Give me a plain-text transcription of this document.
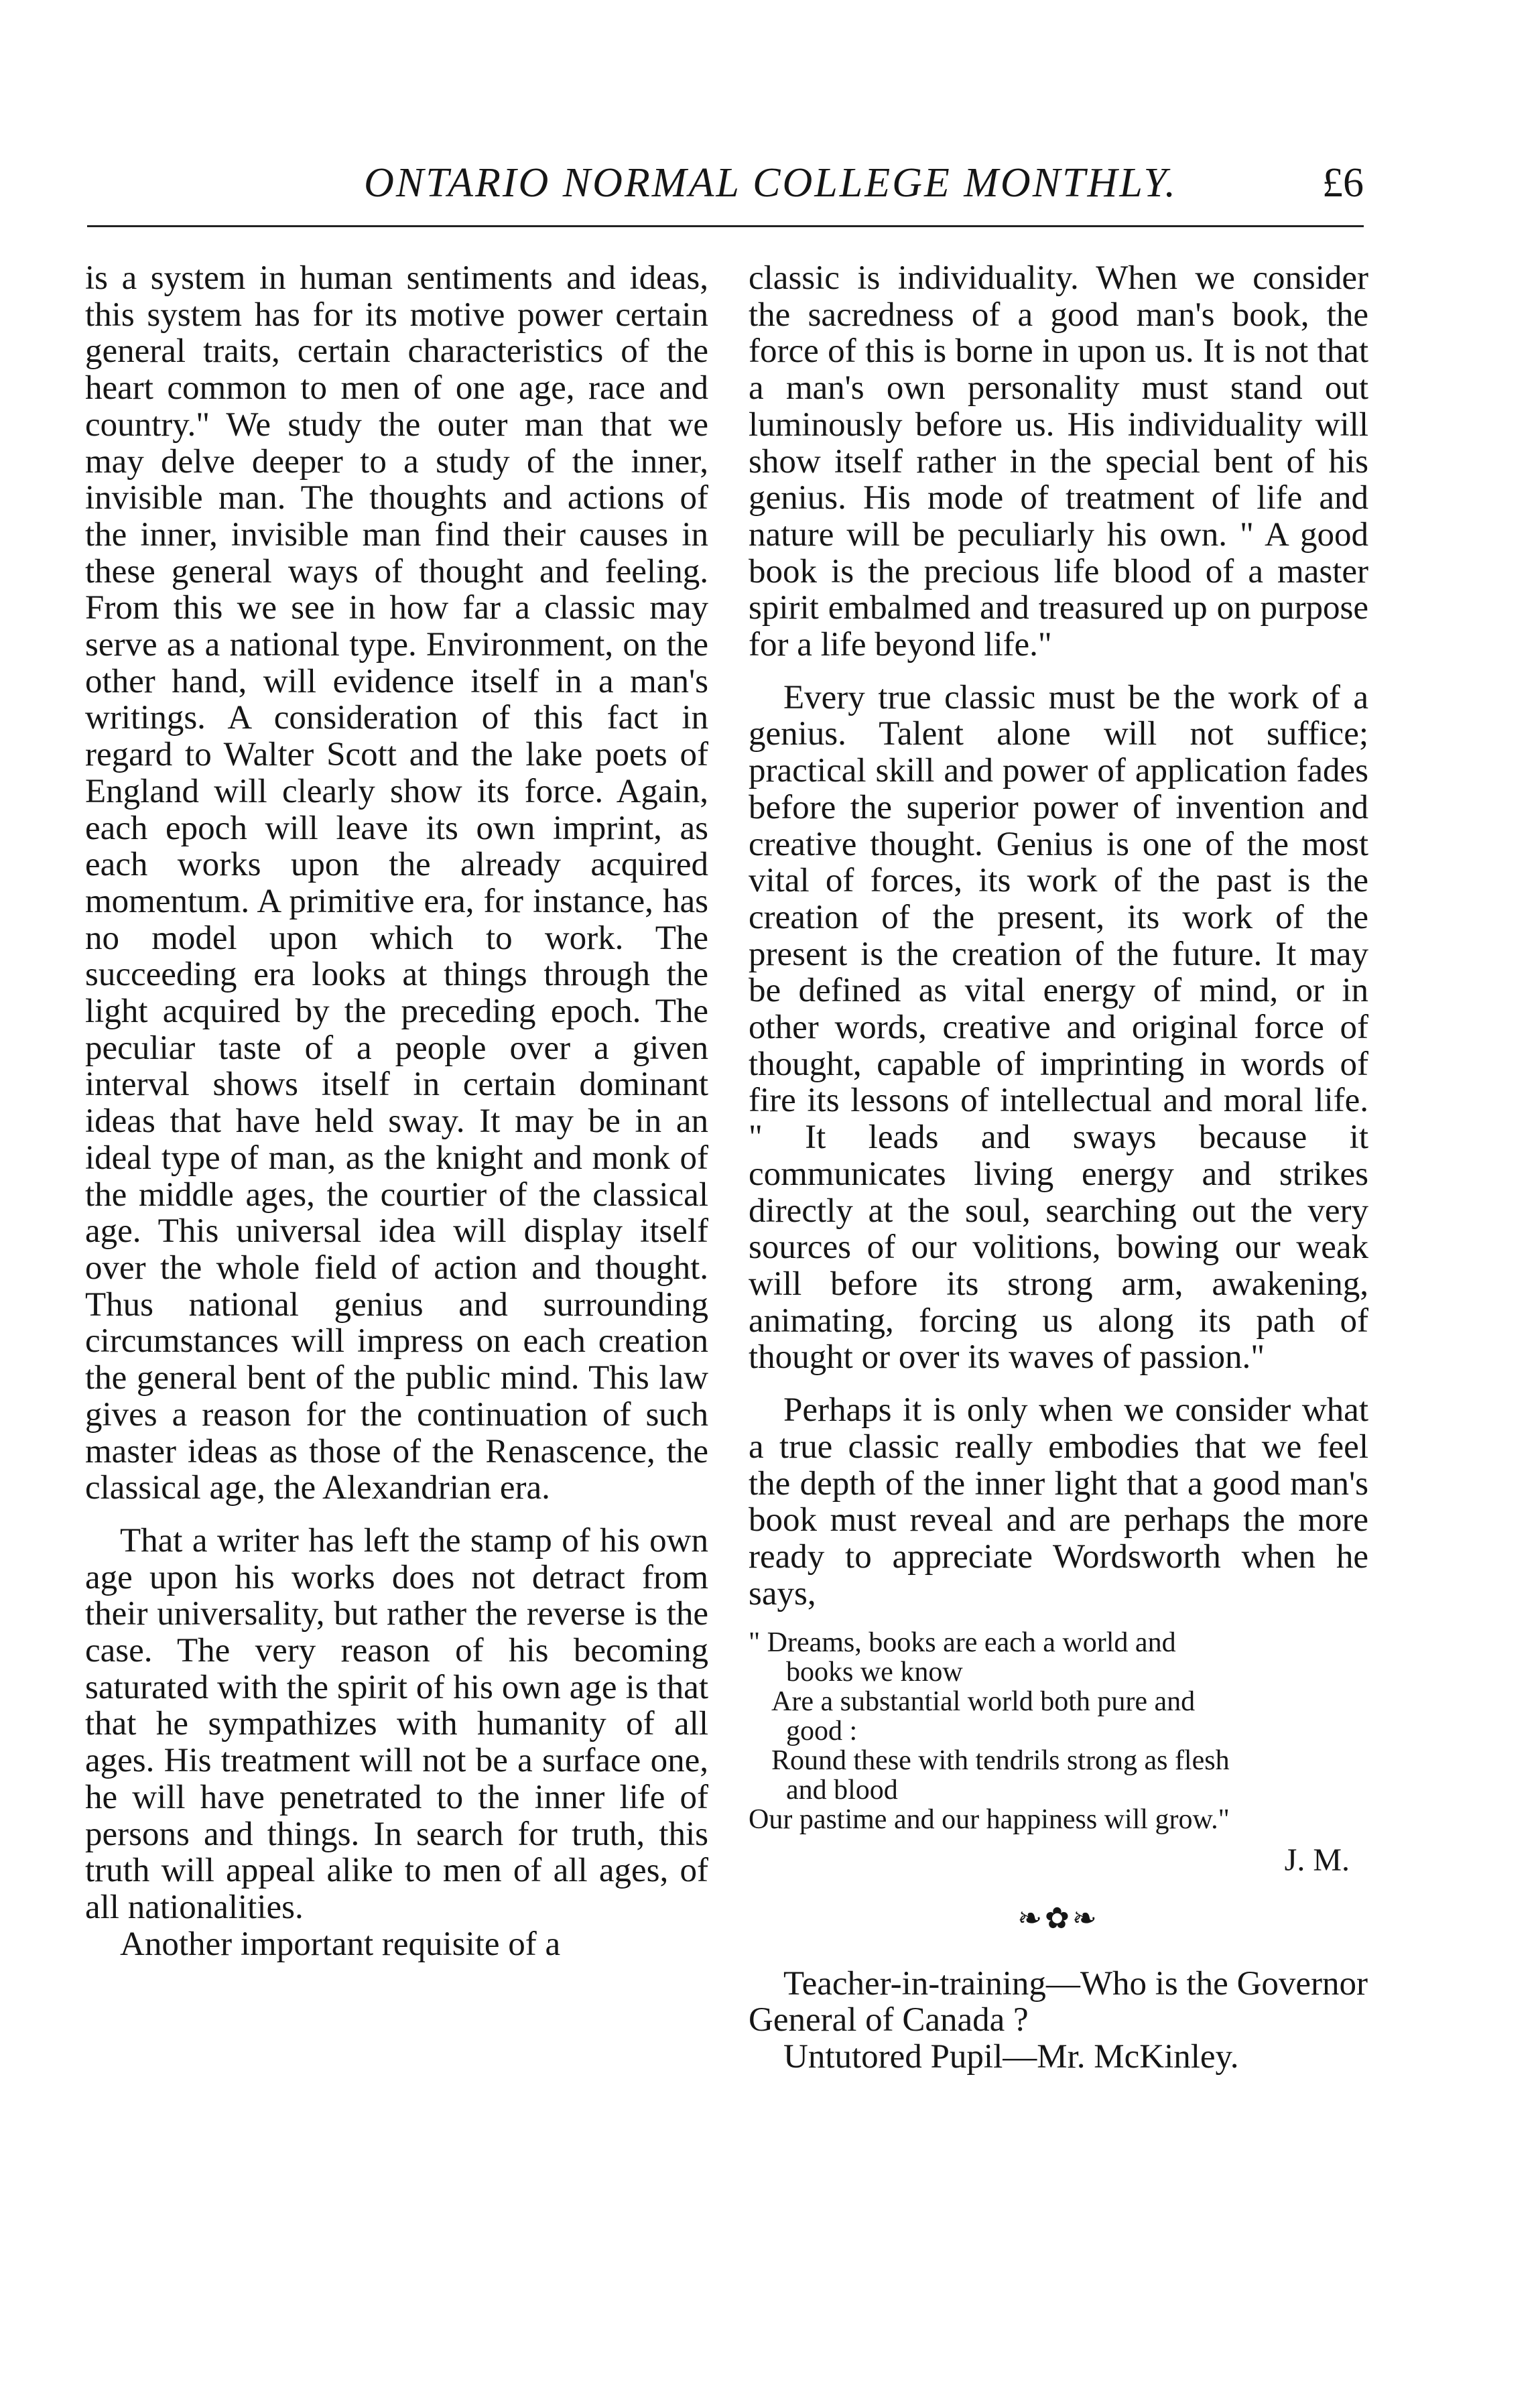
ONTARIO NORMAL COLLEGE MONTHLY.	£6

is a system in human sentiments and ideas, this system has for its motive power certain general traits, certain characteristics of the heart common to men of one age, race and country." We study the outer man that we may delve deeper to a study of the inner, invisible man. The thoughts and actions of the inner, invisible man find their causes in these general ways of thought and feeling. From this we see in how far a classic may serve as a national type. Environment, on the other hand, will evidence itself in a man's writings. A consideration of this fact in regard to Walter Scott and the lake poets of England will clearly show its force. Again, each epoch will leave its own imprint, as each works upon the already acquired momentum. A primitive era, for instance, has no model upon which to work. The succeeding era looks at things through the light acquired by the preceding epoch. The peculiar taste of a people over a given interval shows itself in certain dominant ideas that have held sway. It may be in an ideal type of man, as the knight and monk of the middle ages, the courtier of the classical age. This universal idea will display itself over the whole field of action and thought. Thus national genius and surrounding circumstances will impress on each creation the general bent of the public mind. This law gives a reason for the continuation of such master ideas as those of the Renascence, the classical age, the Alexandrian era.

That a writer has left the stamp of his own age upon his works does not detract from their universality, but rather the reverse is the case. The very reason of his becoming saturated with the spirit of his own age is that that he sympathizes with humanity of all ages. His treatment will not be a surface one, he will have penetrated to the inner life of persons and things. In search for truth, this truth will appeal alike to men of all ages, of all nationalities.

Another important requisite of a

classic is individuality. When we consider the sacredness of a good man's book, the force of this is borne in upon us. It is not that a man's own personality must stand out luminously before us. His individuality will show itself rather in the special bent of his genius. His mode of treatment of life and nature will be peculiarly his own. " A good book is the precious life blood of a master spirit embalmed and treasured up on purpose for a life beyond life."

Every true classic must be the work of a genius. Talent alone will not suffice; practical skill and power of application fades before the superior power of invention and creative thought. Genius is one of the most vital of forces, its work of the past is the creation of the present, its work of the present is the creation of the future. It may be defined as vital energy of mind, or in other words, creative and original force of thought, capable of imprinting in words of fire its lessons of intellectual and moral life. " It leads and sways because it communicates living energy and strikes directly at the soul, searching out the very sources of our volitions, bowing our weak will before its strong arm, awakening, animating, forcing us along its path of thought or over its waves of passion."

Perhaps it is only when we consider what a true classic really embodies that we feel the depth of the inner light that a good man's book must reveal and are perhaps the more ready to appreciate Wordsworth when he says,

" Dreams, books are each a world and
books we know
Are a substantial world both pure and
good :
Round these with tendrils strong as flesh
and blood
Our pastime and our happiness will grow."
J. M.
❧✿❧

Teacher-in-training—Who is the Governor General of Canada ?

Untutored Pupil—Mr. McKinley.
